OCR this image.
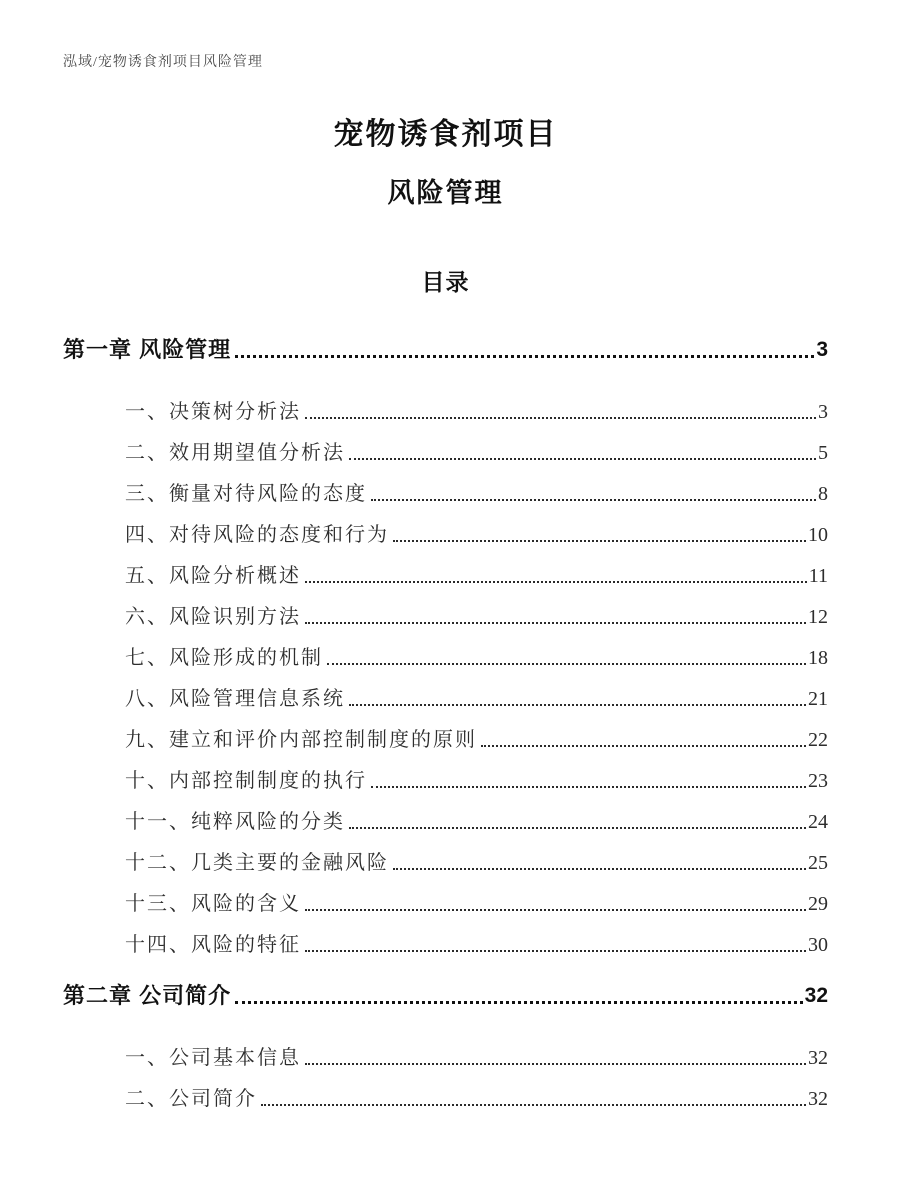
泓域/宠物诱食剂项目风险管理
宠物诱食剂项目
风险管理
目录
第一章 风险管理	3
一、决策树分析法	3
二、效用期望值分析法	5
三、衡量对待风险的态度	8
四、对待风险的态度和行为	10
五、风险分析概述	11
六、风险识别方法	12
七、风险形成的机制	18
八、风险管理信息系统	21
九、建立和评价内部控制制度的原则	22
十、内部控制制度的执行	23
十一、纯粹风险的分类	24
十二、几类主要的金融风险	25
十三、风险的含义	29
十四、风险的特征	30
第二章 公司简介	32
一、公司基本信息	32
二、公司简介	32
